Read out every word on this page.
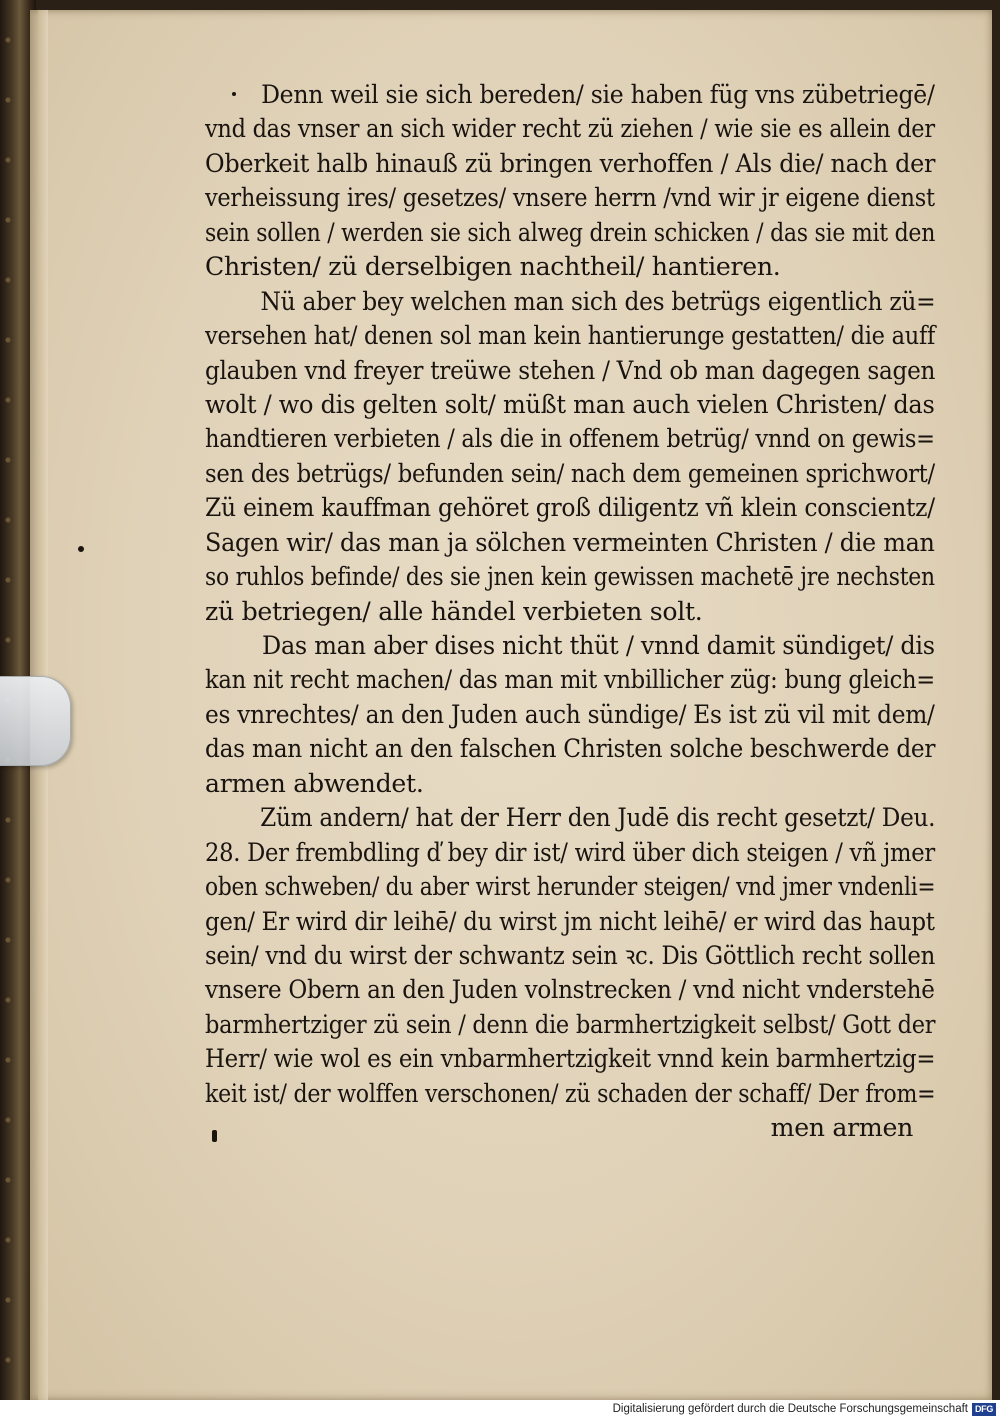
Denn weil sie sich bereden/ sie haben füg vns zübetriegē/
vnd das vnser an sich wider recht zü ziehen / wie sie es allein der
Oberkeit halb hinauß zü bringen verhoffen / Als die/ nach der
verheissung ires/ gesetzes/ vnsere herrn /vnd wir jr eigene dienst
sein sollen / werden sie sich alweg drein schicken / das sie mit den
Christen/ zü derselbigen nachtheil/ hantieren.
Nü aber bey welchen man sich des betrügs eigentlich zü=
versehen hat/ denen sol man kein hantierunge gestatten/ die auff
glauben vnd freyer treüwe stehen / Vnd ob man dagegen sagen
wolt / wo dis gelten solt/ müßt man auch vielen Christen/ das
handtieren verbieten / als die in offenem betrüg/ vnnd on gewis=
sen des betrügs/ befunden sein/ nach dem gemeinen sprichwort/
Zü einem kauffman gehöret groß diligentz vñ klein conscientz/
Sagen wir/ das man ja sölchen vermeinten Christen / die man
so ruhlos befinde/ des sie jnen kein gewissen machetē jre nechsten
zü betriegen/ alle händel verbieten solt.
Das man aber dises nicht thüt / vnnd damit sündiget/ dis
kan nit recht machen/ das man mit vnbillicher züg: bung gleich=
es vnrechtes/ an den Juden auch sündige/ Es ist zü vil mit dem/
das man nicht an den falschen Christen solche beschwerde der
armen abwendet.
Züm andern/ hat der Herr den Judē dis recht gesetzt/ Deu.
28. Der frembdling ď bey dir ist/ wird über dich steigen / vñ jmer
oben schweben/ du aber wirst herunder steigen/ vnd jmer vndenli=
gen/ Er wird dir leihē/ du wirst jm nicht leihē/ er wird das haupt
sein/ vnd du wirst der schwantz sein ꝛc. Dis Göttlich recht sollen
vnsere Obern an den Juden volnstrecken / vnd nicht vnderstehē
barmhertziger zü sein / denn die barmhertzigkeit selbst/ Gott der
Herr/ wie wol es ein vnbarmhertzigkeit vnnd kein barmhertzig=
keit ist/ der wolffen verschonen/ zü schaden der schaff/ Der from=
men armen
Digitalisierung gefördert durch die Deutsche Forschungsgemeinschaft DFG
